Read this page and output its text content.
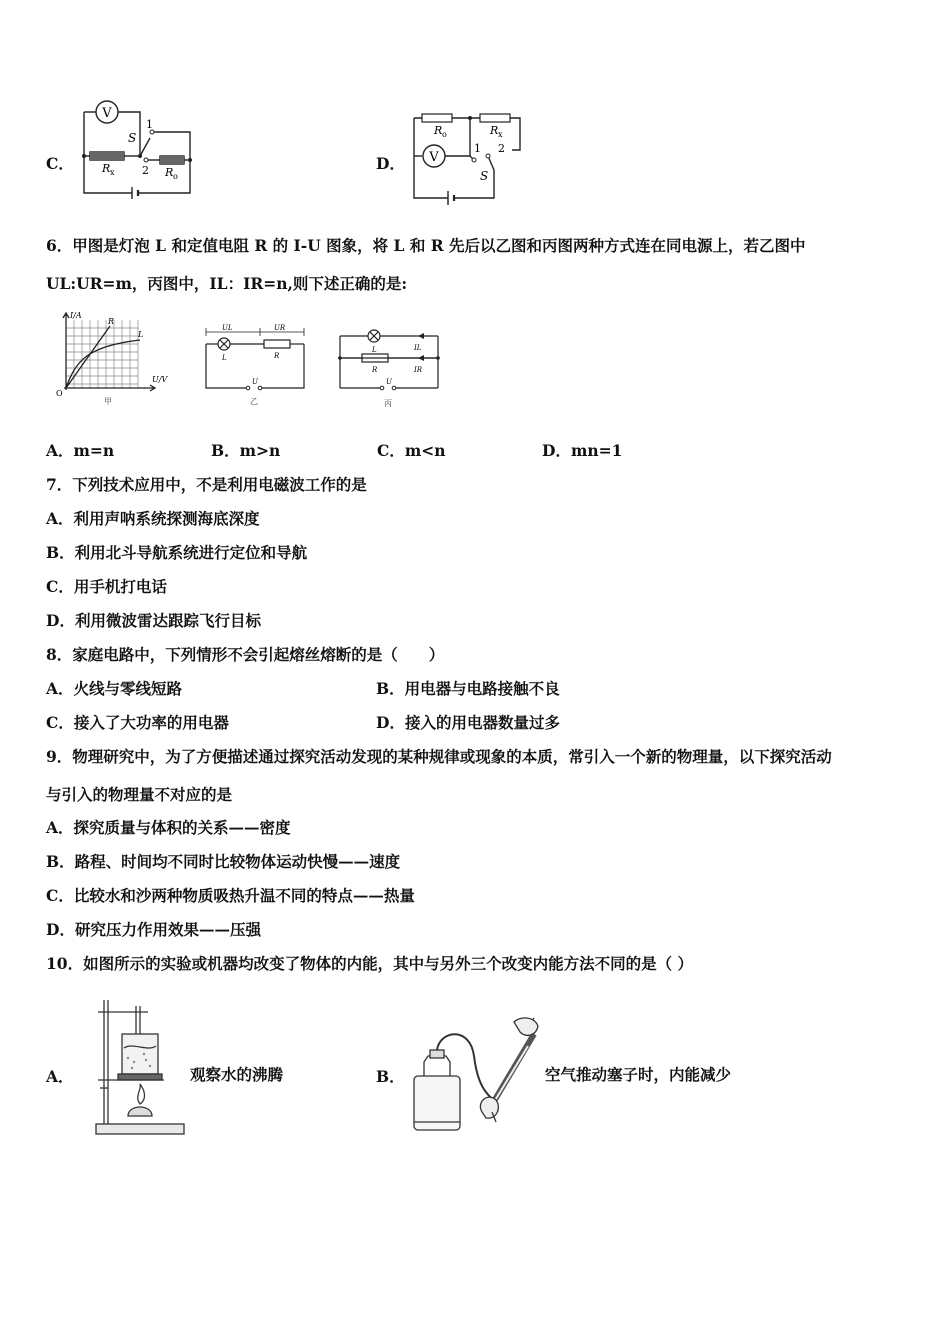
C．
V
S
1
2
R x	R o
D． V
S
1 2
R o	R x
6．甲图是灯泡 L 和定值电阻 R 的 I-U 图象，将 L 和 R 先后以乙图和丙图两种方式连在同电源上，若乙图中
UL:UR=m，丙图中，IL：IR=n,则下述正确的是:
I/A
U/V
O
R
L
甲
UL	UR
L	R
U
乙
L
R
IL
IR
U
丙
A．m=n	B．m>n	C．m<n	D．mn=1
7．下列技术应用中，不是利用电磁波工作的是
A．利用声呐系统探测海底深度
B．利用北斗导航系统进行定位和导航
C．用手机打电话
D．利用微波雷达跟踪飞行目标
8．家庭电路中，下列情形不会引起熔丝熔断的是（　　）
A．火线与零线短路	B．用电器与电路接触不良
C．接入了大功率的用电器	D．接入的用电器数量过多
9．物理研究中，为了方便描述通过探究活动发现的某种规律或现象的本质，常引入一个新的物理量，以下探究活动
与引入的物理量不对应的是
A．探究质量与体积的关系——密度
B．路程、时间均不同时比较物体运动快慢——速度
C．比较水和沙两种物质吸热升温不同的特点——热量
D．研究压力作用效果——压强
10．如图所示的实验或机器均改变了物体的内能，其中与另外三个改变内能方法不同的是（ ）
A．	观察水的沸腾	B．	空气推动塞子时，内能减少
